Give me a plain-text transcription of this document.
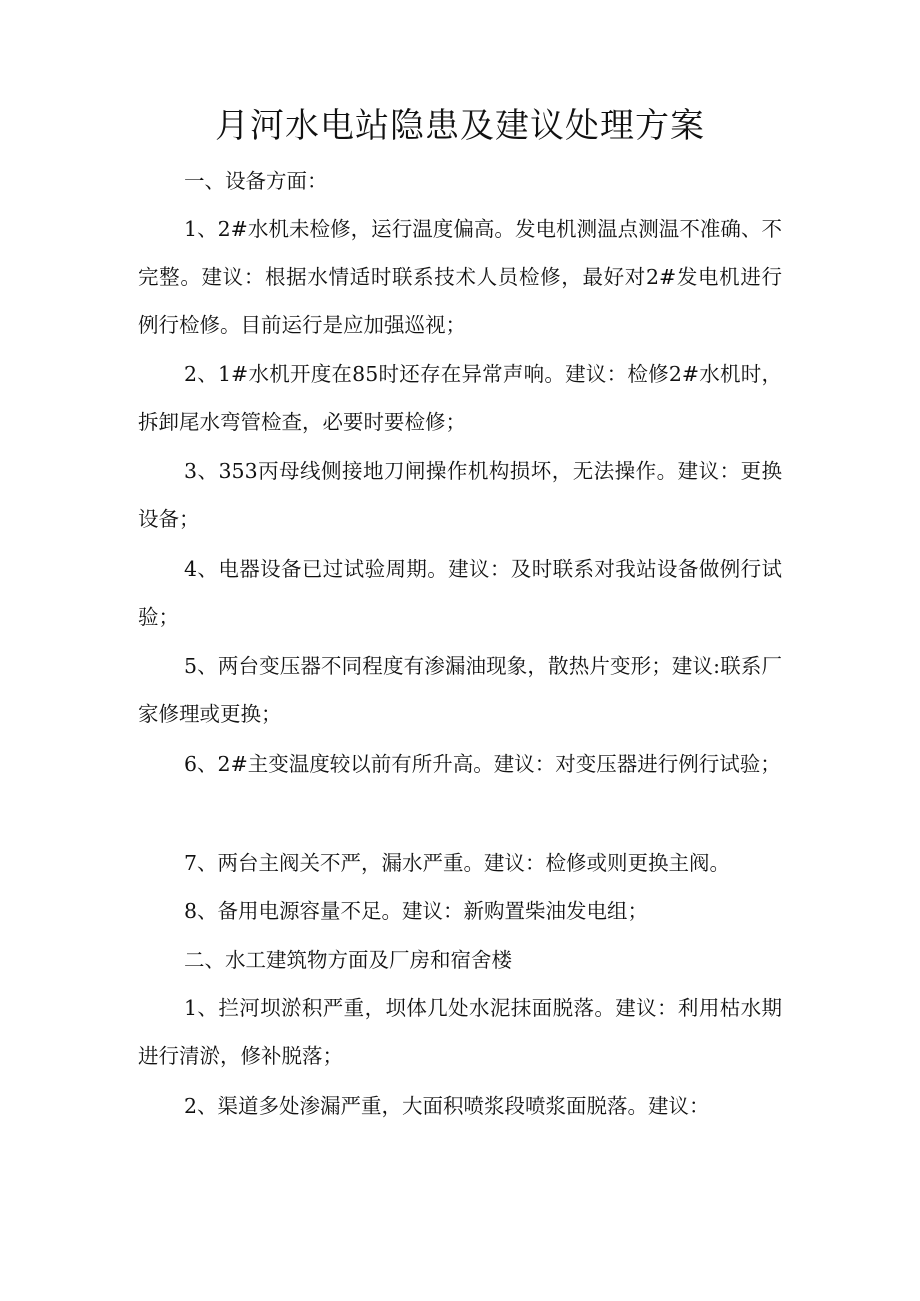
月河水电站隐患及建议处理方案

一、设备方面：

1、2#水机未检修，运行温度偏高。发电机测温点测温不准确、不完整。建议：根据水情适时联系技术人员检修，最好对2#发电机进行例行检修。目前运行是应加强巡视；

2、1#水机开度在85时还存在异常声响。建议：检修2#水机时，拆卸尾水弯管检查，必要时要检修；

3、353丙母线侧接地刀闸操作机构损坏，无法操作。建议：更换设备；

4、电器设备已过试验周期。建议：及时联系对我站设备做例行试验；

5、两台变压器不同程度有渗漏油现象，散热片变形；建议:联系厂家修理或更换；

6、2#主变温度较以前有所升高。建议：对变压器进行例行试验；

7、两台主阀关不严，漏水严重。建议：检修或则更换主阀。

8、备用电源容量不足。建议：新购置柴油发电组；

二、水工建筑物方面及厂房和宿舍楼

1、拦河坝淤积严重，坝体几处水泥抹面脱落。建议：利用枯水期进行清淤，修补脱落；

2、渠道多处渗漏严重，大面积喷浆段喷浆面脱落。建议：
